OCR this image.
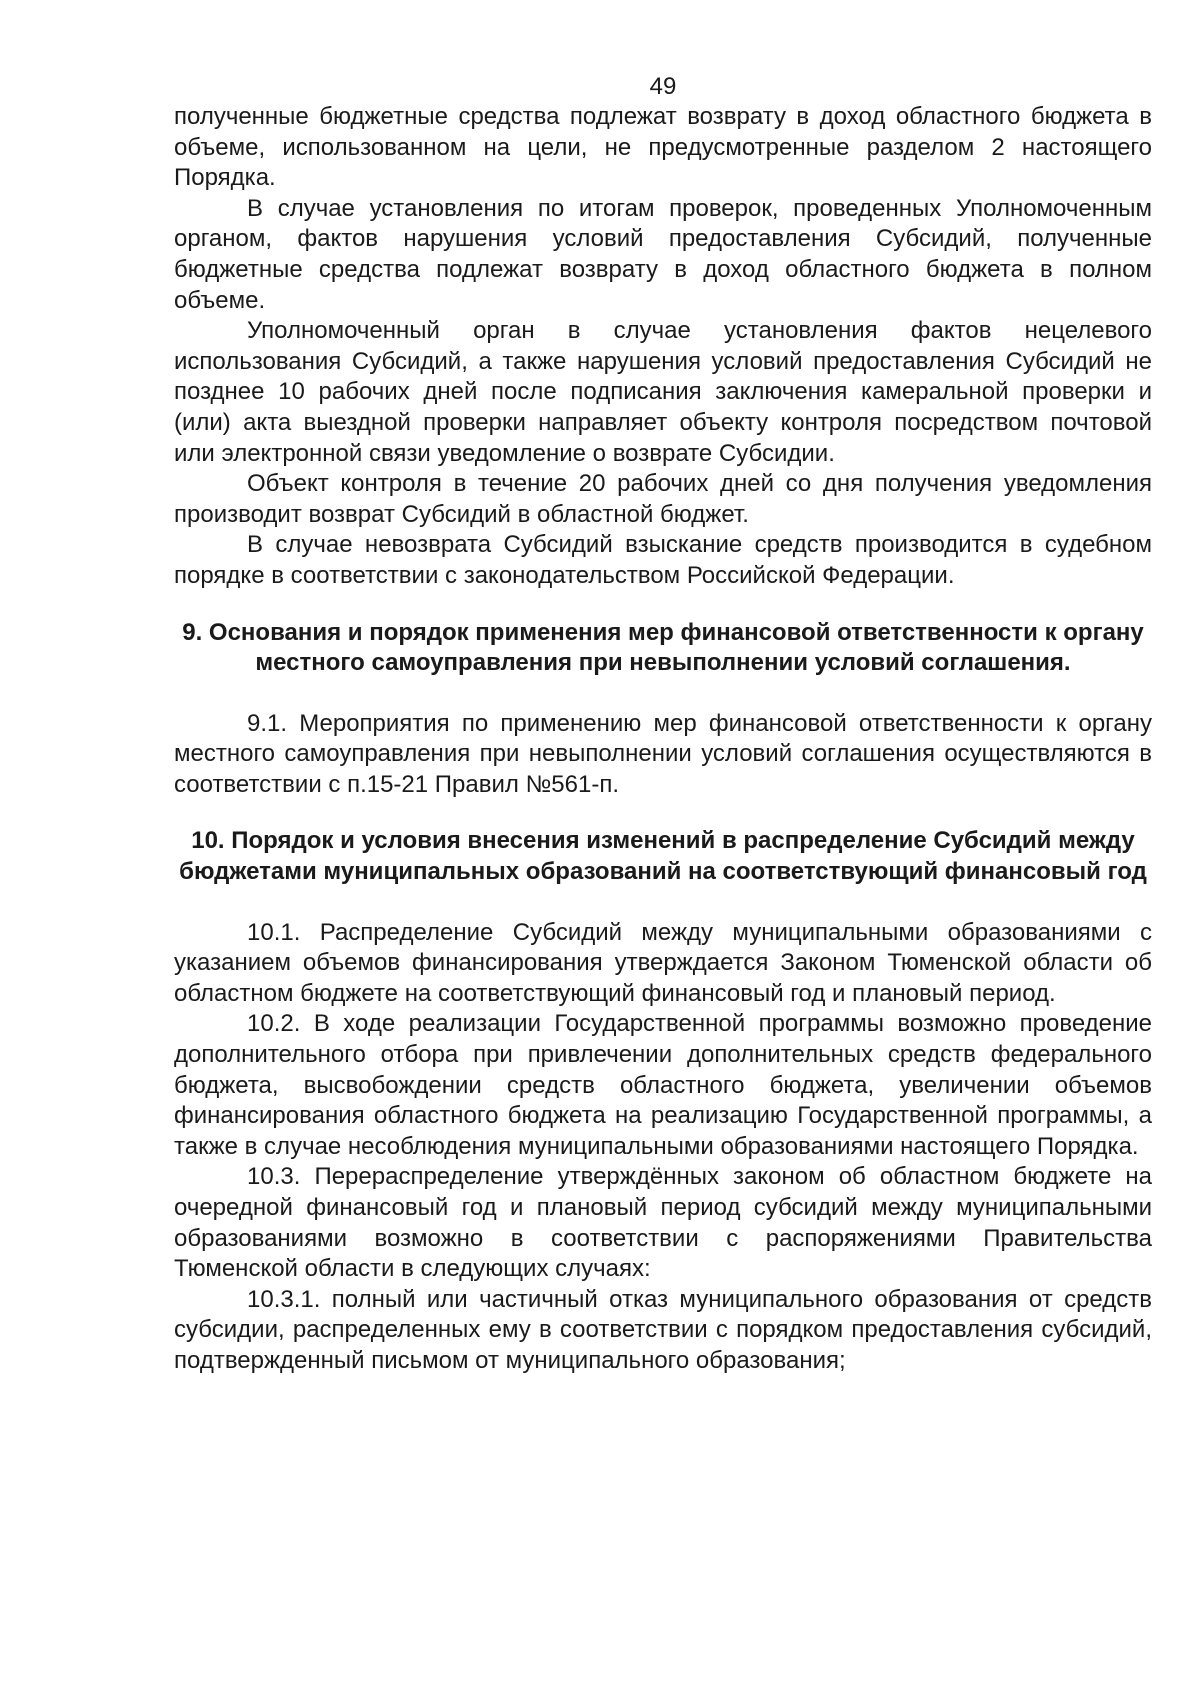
49

полученные бюджетные средства подлежат возврату в доход областного бюджета в объеме, использованном на цели, не предусмотренные разделом 2 настоящего Порядка.

В случае установления по итогам проверок, проведенных Уполномоченным органом, фактов нарушения условий предоставления Субсидий, полученные бюджетные средства подлежат возврату в доход областного бюджета в полном объеме.

Уполномоченный орган в случае установления фактов нецелевого использования Субсидий, а также нарушения условий предоставления Субсидий не позднее 10 рабочих дней после подписания заключения камеральной проверки и (или) акта выездной проверки направляет объекту контроля посредством почтовой или электронной связи уведомление о возврате Субсидии.

Объект контроля в течение 20 рабочих дней со дня получения уведомления производит возврат Субсидий в областной бюджет.

В случае невозврата Субсидий взыскание средств производится в судебном порядке в соответствии с законодательством Российской Федерации.

9. Основания и порядок применения мер финансовой ответственности к органу местного самоуправления при невыполнении условий соглашения.

9.1. Мероприятия по применению мер финансовой ответственности к органу местного самоуправления при невыполнении условий соглашения осуществляются в соответствии с п.15-21 Правил №561-п.

10. Порядок и условия внесения изменений в распределение Субсидий между бюджетами муниципальных образований на соответствующий финансовый год

10.1. Распределение Субсидий между муниципальными образованиями с указанием объемов финансирования утверждается Законом Тюменской области об областном бюджете на соответствующий финансовый год и плановый период.

10.2. В ходе реализации Государственной программы возможно проведение дополнительного отбора при привлечении дополнительных средств федерального бюджета, высвобождении средств областного бюджета, увеличении объемов финансирования областного бюджета на реализацию Государственной программы, а также в случае несоблюдения муниципальными образованиями настоящего Порядка.

10.3. Перераспределение утверждённых законом об областном бюджете на очередной финансовый год и плановый период субсидий между муниципальными образованиями возможно в соответствии с распоряжениями Правительства Тюменской области в следующих случаях:

10.3.1. полный или частичный отказ муниципального образования от средств субсидии, распределенных ему в соответствии с порядком предоставления субсидий, подтвержденный письмом от муниципального образования;
